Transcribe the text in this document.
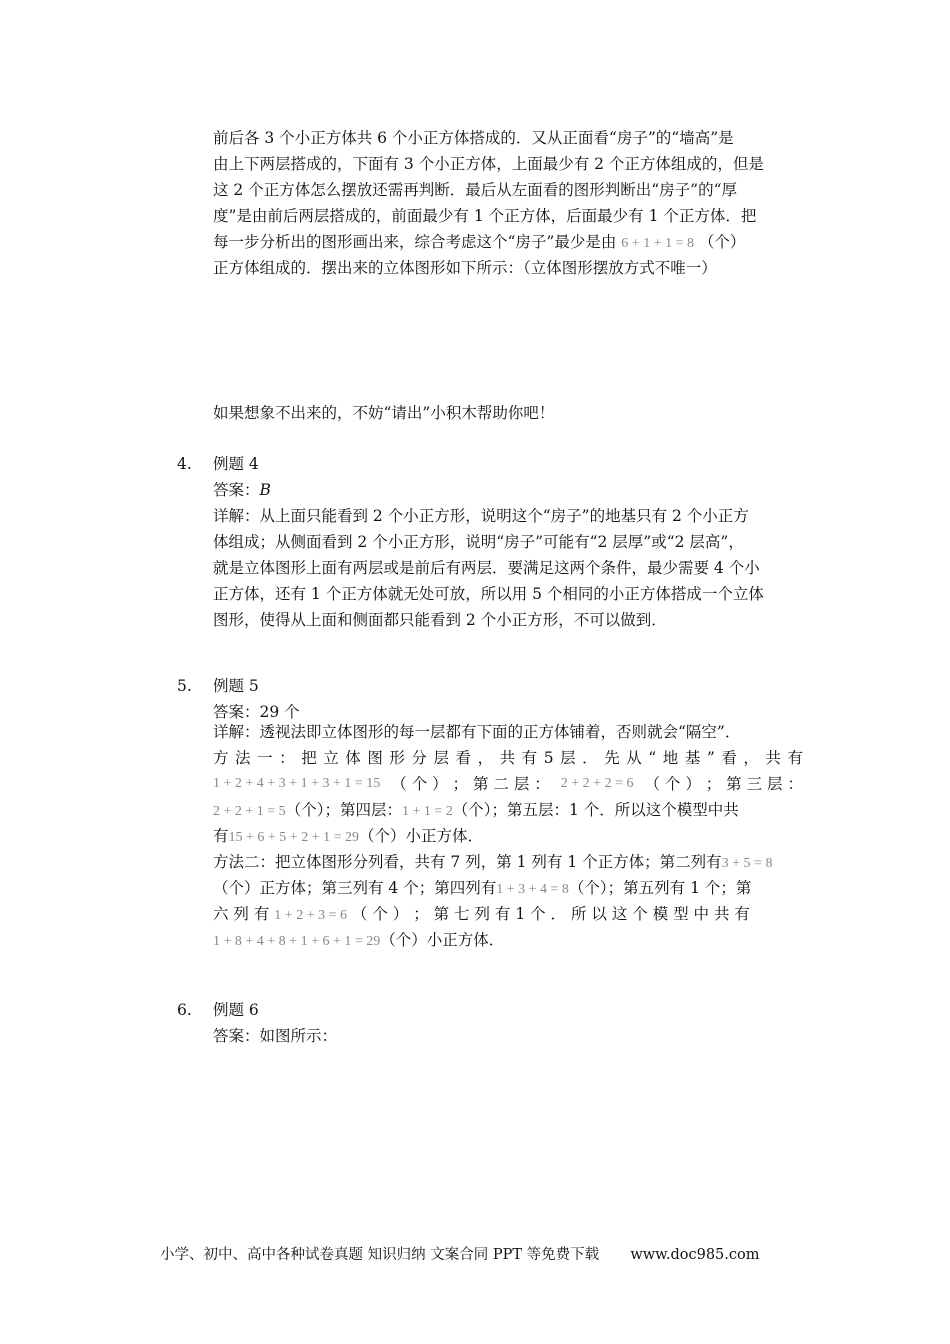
前后各 3 个小正方体共 6 个小正方体搭成的．又从正面看“房子”的“墙高”是
由上下两层搭成的，下面有 3 个小正方体，上面最少有 2 个正方体组成的，但是
这 2 个正方体怎么摆放还需再判断．最后从左面看的图形判断出“房子”的“厚
度”是由前后两层搭成的，前面最少有 1 个正方体，后面最少有 1 个正方体．把
每一步分析出的图形画出来，综合考虑这个“房子”最少是由 6 + 1 + 1 = 8 （个）
正方体组成的．摆出来的立体图形如下所示：（立体图形摆放方式不唯一）
如果想象不出来的，不妨“请出”小积木帮助你吧！
4. 例题 4
答案：B
详解：从上面只能看到 2 个小正方形，说明这个“房子”的地基只有 2 个小正方
体组成；从侧面看到 2 个小正方形，说明“房子”可能有“2 层厚”或“2 层高”，
就是立体图形上面有两层或是前后有两层．要满足这两个条件，最少需要 4 个小
正方体，还有 1 个正方体就无处可放，所以用 5 个相同的小正方体搭成一个立体
图形，使得从上面和侧面都只能看到 2 个小正方形，不可以做到．
5. 例题 5
答案：29 个
详解：透视法即立体图形的每一层都有下面的正方体铺着，否则就会“隔空”．
方 法 一 ： 把 立 体 图 形 分 层 看 ， 共 有 5 层 ． 先 从 “ 地 基 ” 看 ， 共 有
1 + 2 + 4 + 3 + 1 + 3 + 1 = 15 （ 个 ） ； 第 二 层 ： 2 + 2 + 2 = 6 （ 个 ） ； 第 三 层 ：
2 + 2 + 1 = 5（个）；第四层：1 + 1 = 2（个）；第五层：1 个．所以这个模型中共
有15 + 6 + 5 + 2 + 1 = 29（个）小正方体．
方法二：把立体图形分列看，共有 7 列，第 1 列有 1 个正方体；第二列有3 + 5 = 8
（个）正方体；第三列有 4 个；第四列有1 + 3 + 4 = 8（个）；第五列有 1 个；第
六 列 有 1 + 2 + 3 = 6 （ 个 ） ； 第 七 列 有 1 个 ． 所 以 这 个 模 型 中 共 有
1 + 8 + 4 + 8 + 1 + 6 + 1 = 29（个）小正方体．
6. 例题 6
答案：如图所示：
小学、初中、高中各种试卷真题 知识归纳 文案合同 PPT 等免费下载 www.doc985.com
